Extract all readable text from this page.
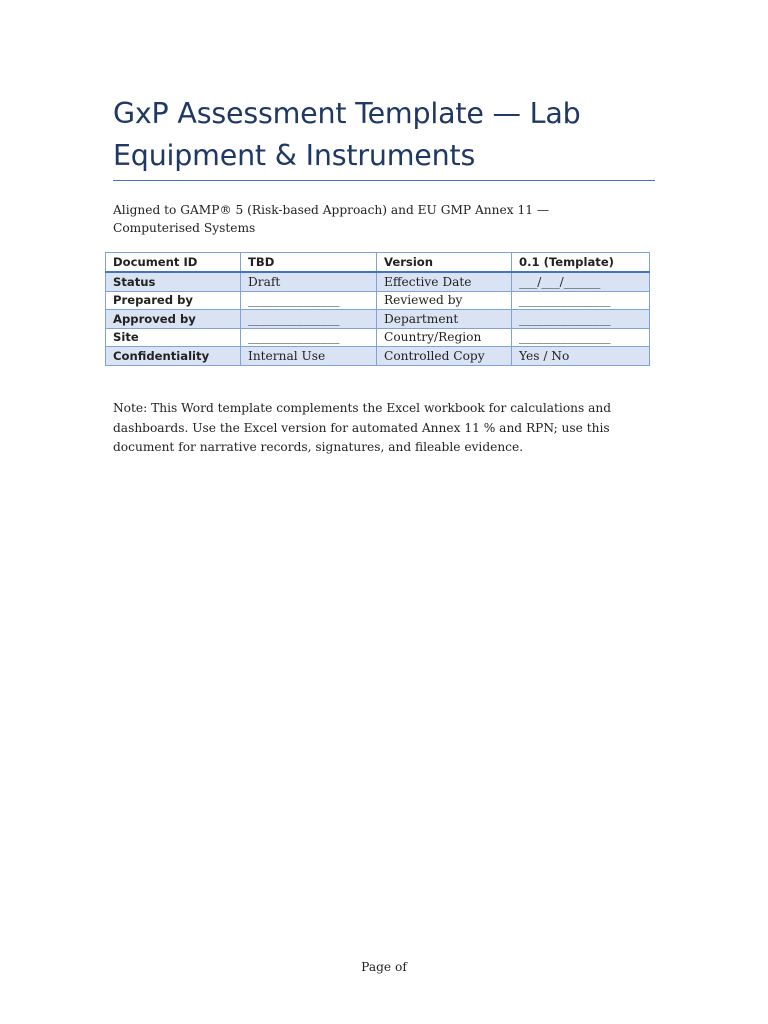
GxP Assessment Template — Lab Equipment & Instruments
Aligned to GAMP® 5 (Risk-based Approach) and EU GMP Annex 11 — Computerised Systems
Document ID	TBD	Version	0.1 (Template)
Status	Draft	Effective Date	___/___/______
Prepared by	_______________	Reviewed by	_______________
Approved by	_______________	Department	_______________
Site	_______________	Country/Region	_______________
Confidentiality	Internal Use	Controlled Copy	Yes / No
Note: This Word template complements the Excel workbook for calculations and dashboards. Use the Excel version for automated Annex 11 % and RPN; use this document for narrative records, signatures, and fileable evidence.
Page of
